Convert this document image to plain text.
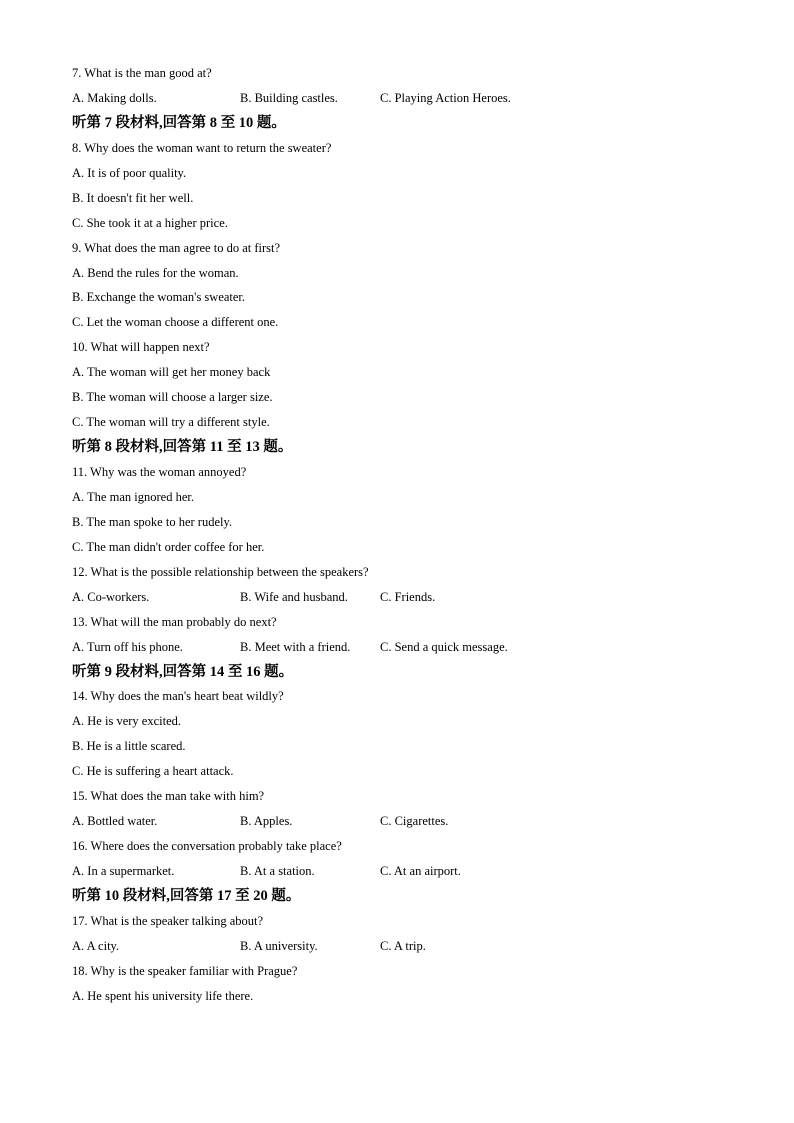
7. What is the man good at?
A. Making dolls.	B. Building castles.	C. Playing Action Heroes.
听第 7 段材料,回答第 8 至 10 题。
8. Why does the woman want to return the sweater?
A. It is of poor quality.
B. It doesn't fit her well.
C. She took it at a higher price.
9. What does the man agree to do at first?
A. Bend the rules for the woman.
B. Exchange the woman's sweater.
C. Let the woman choose a different one.
10. What will happen next?
A. The woman will get her money back
B. The woman will choose a larger size.
C. The woman will try a different style.
听第 8 段材料,回答第 11 至 13 题。
11. Why was the woman annoyed?
A. The man ignored her.
B. The man spoke to her rudely.
C. The man didn't order coffee for her.
12. What is the possible relationship between the speakers?
A. Co-workers.	B. Wife and husband.	C. Friends.
13. What will the man probably do next?
A. Turn off his phone.	B. Meet with a friend. C. Send a quick message.
听第 9 段材料,回答第 14 至 16 题。
14. Why does the man's heart beat wildly?
A. He is very excited.
B. He is a little scared.
C. He is suffering a heart attack.
15. What does the man take with him?
A. Bottled water.	B. Apples.	C. Cigarettes.
16. Where does the conversation probably take place?
A. In a supermarket.	B. At a station.	C. At an airport.
听第 10 段材料,回答第 17 至 20 题。
17. What is the speaker talking about?
A. A city.	B. A university.	C. A trip.
18. Why is the speaker familiar with Prague?
A. He spent his university life there.
